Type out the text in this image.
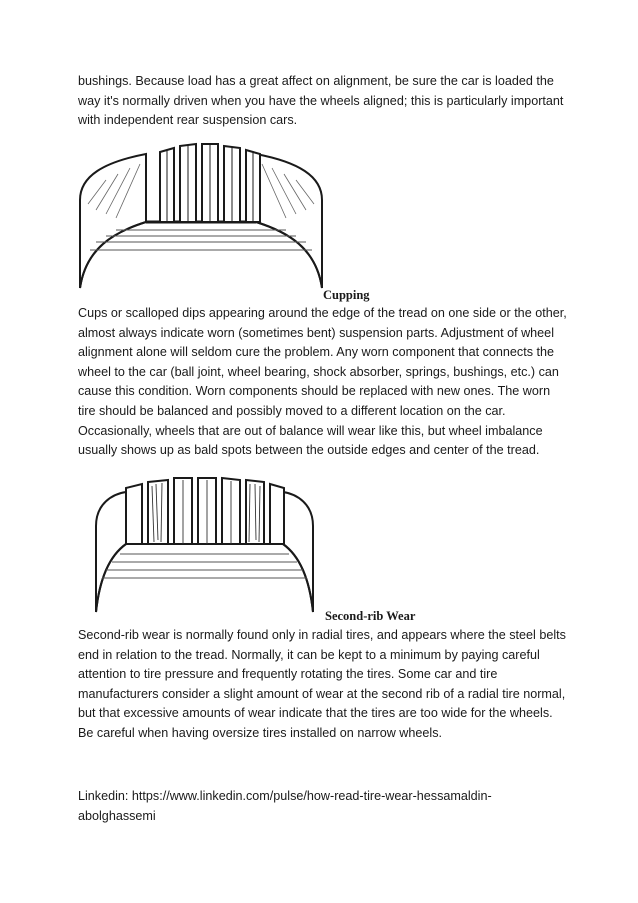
bushings. Because load has a great affect on alignment, be sure the car is loaded the way it's normally driven when you have the wheels aligned; this is particularly important with independent rear suspension cars.

Cupping

Cups or scalloped dips appearing around the edge of the tread on one side or the other, almost always indicate worn (sometimes bent) suspension parts. Adjustment of wheel alignment alone will seldom cure the problem. Any worn component that connects the wheel to the car (ball joint, wheel bearing, shock absorber, springs, bushings, etc.) can cause this condition. Worn components should be replaced with new ones. The worn tire should be balanced and possibly moved to a different location on the car. Occasionally, wheels that are out of balance will wear like this, but wheel imbalance usually shows up as bald spots between the outside edges and center of the tread.

Second-rib Wear

Second-rib wear is normally found only in radial tires, and appears where the steel belts end in relation to the tread. Normally, it can be kept to a minimum by paying careful attention to tire pressure and frequently rotating the tires. Some car and tire manufacturers consider a slight amount of wear at the second rib of a radial tire normal, but that excessive amounts of wear indicate that the tires are too wide for the wheels. Be careful when having oversize tires installed on narrow wheels.

Linkedin: https://www.linkedin.com/pulse/how-read-tire-wear-hessamaldin-abolghassemi
